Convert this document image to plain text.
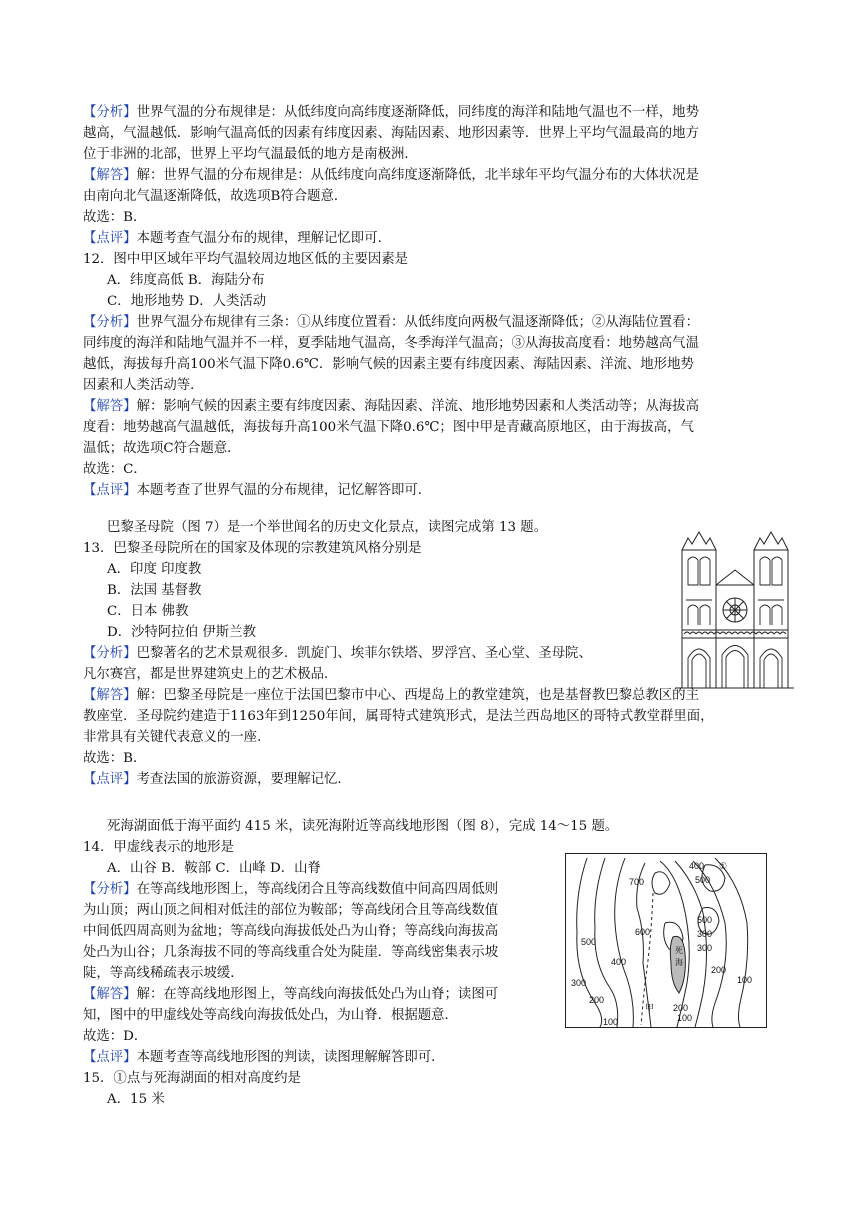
【分析】世界气温的分布规律是：从低纬度向高纬度逐渐降低，同纬度的海洋和陆地气温也不一样，地势
越高，气温越低．影响气温高低的因素有纬度因素、海陆因素、地形因素等．世界上平均气温最高的地方
位于非洲的北部，世界上平均气温最低的地方是南极洲．
【解答】解：世界气温的分布规律是：从低纬度向高纬度逐渐降低，北半球年平均气温分布的大体状况是
由南向北气温逐渐降低，故选项B符合题意．
故选：B．
【点评】本题考查气温分布的规律，理解记忆即可．
12．图中甲区域年平均气温较周边地区低的主要因素是
A．纬度高低 B．海陆分布
C．地形地势 D．人类活动
【分析】世界气温分布规律有三条：①从纬度位置看：从低纬度向两极气温逐渐降低；②从海陆位置看：
同纬度的海洋和陆地气温并不一样，夏季陆地气温高，冬季海洋气温高；③从海拔高度看：地势越高气温
越低，海拔每升高100米气温下降0.6℃．影响气候的因素主要有纬度因素、海陆因素、洋流、地形地势
因素和人类活动等．
【解答】解：影响气候的因素主要有纬度因素、海陆因素、洋流、地形地势因素和人类活动等；从海拔高
度看：地势越高气温越低，海拔每升高100米气温下降0.6℃；图中甲是青藏高原地区，由于海拔高，气
温低；故选项C符合题意．
故选：C．
【点评】本题考查了世界气温的分布规律，记忆解答即可．
巴黎圣母院（图 7）是一个举世闻名的历史文化景点，读图完成第 13 题。
13．巴黎圣母院所在的国家及体现的宗教建筑风格分别是
A．印度 印度教
B．法国 基督教
C．日本 佛教
D．沙特阿拉伯 伊斯兰教
【分析】巴黎著名的艺术景观很多．凯旋门、埃菲尔铁塔、罗浮宫、圣心堂、圣母院、
凡尔赛宫，都是世界建筑史上的艺术极品．
【解答】解：巴黎圣母院是一座位于法国巴黎市中心、西堤岛上的教堂建筑，也是基督教巴黎总教区的主
教座堂．圣母院约建造于1163年到1250年间，属哥特式建筑形式，是法兰西岛地区的哥特式教堂群里面，
非常具有关键代表意义的一座．
故选：B．
【点评】考查法国的旅游资源，要理解记忆．
死海湖面低于海平面约 415 米，读死海附近等高线地形图（图 8），完成 14～15 题。
14．甲虚线表示的地形是
A．山谷 B．鞍部 C．山峰 D．山脊
【分析】在等高线地形图上，等高线闭合且等高线数值中间高四周低则
为山顶；两山顶之间相对低洼的部位为鞍部；等高线闭合且等高线数值
中间低四周高则为盆地；等高线向海拔低处凸为山脊；等高线向海拔高
处凸为山谷；几条海拔不同的等高线重合处为陡崖．等高线密集表示坡
陡，等高线稀疏表示坡缓．
【解答】解：在等高线地形图上，等高线向海拔低处凸为山脊；读图可
知，图中的甲虚线处等高线向海拔低处凸，为山脊．根据题意．
故选：D．
【点评】本题考查等高线地形图的判读，读图理解解答即可．
15．①点与死海湖面的相对高度约是
A．15 米
700
400 ①
500
600
500
300
500
400
200
300
300	100
200
200
100	100
甲
死
海
